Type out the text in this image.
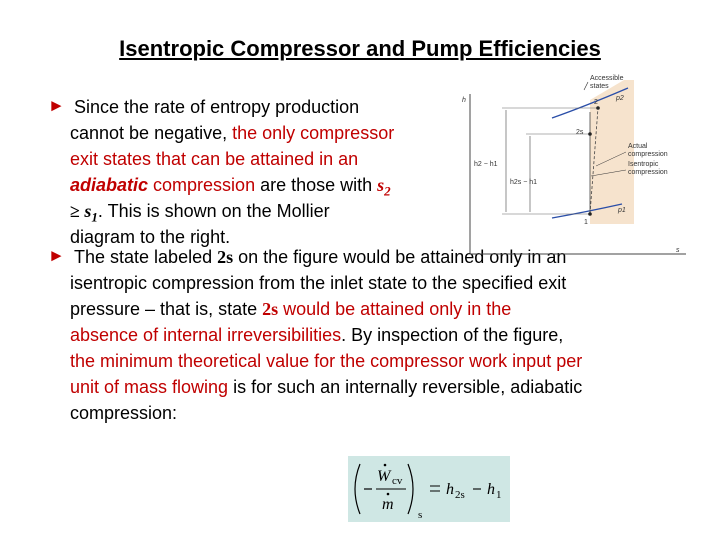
Isentropic Compressor and Pump Efficiencies
► Since the rate of entropy production
cannot be negative, the only compressor
exit states that can be attained in an
adiabatic compression are those with $s_2$
≥ $s_1$. This is shown on the Mollier
diagram to the right.
► The state labeled 2s on the figure would be attained only in an
isentropic compression from the inlet state to the specified exit
pressure – that is, state 2s would be attained only in the
absence of internal irreversibilities. By inspection of the figure,
the minimum theoretical value for the compressor work input per
unit of mass flowing is for such an internally reversible, adiabatic
compression:
h
s
Accessible
states
p2
p1
h2 − h1
h2s − h1
2
2s
1
Actual
compression
Isentropic
compression
W cv
m
s
h 2s h 1
